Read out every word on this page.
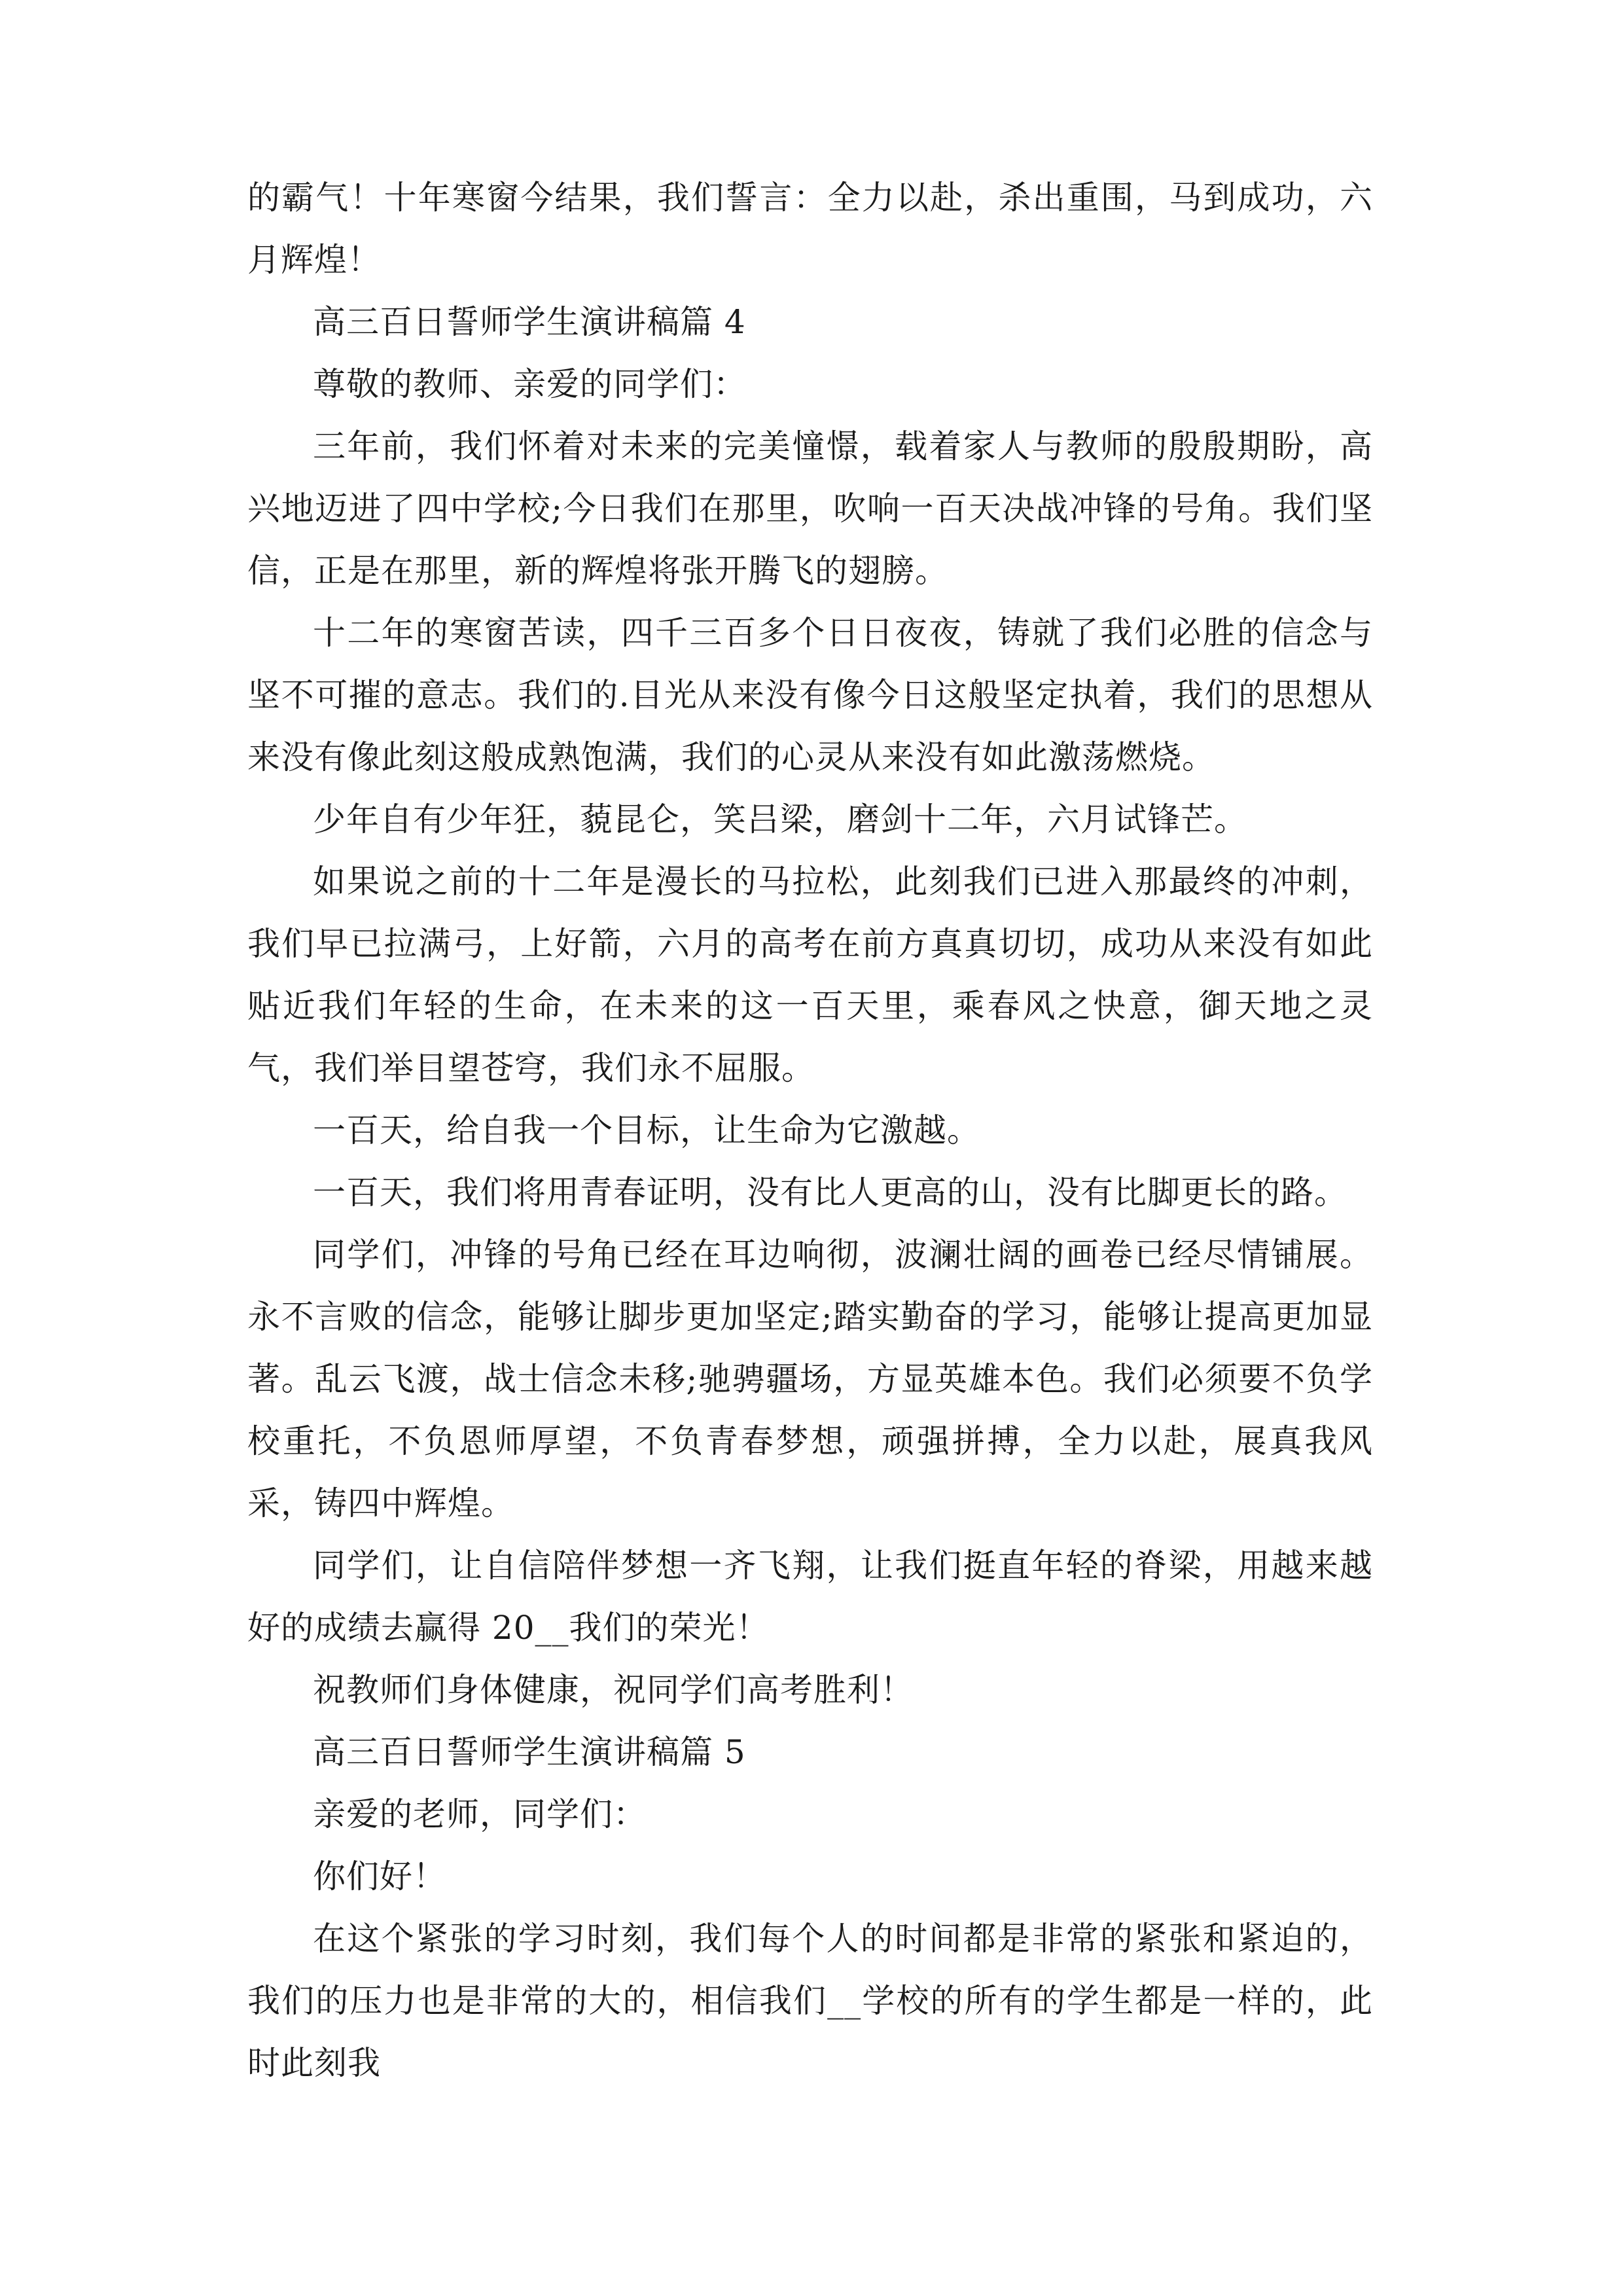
的霸气！十年寒窗今结果，我们誓言：全力以赴，杀出重围，马到成功，六月辉煌！

高三百日誓师学生演讲稿篇 4

尊敬的教师、亲爱的同学们：

三年前，我们怀着对未来的完美憧憬，载着家人与教师的殷殷期盼，高兴地迈进了四中学校;今日我们在那里，吹响一百天决战冲锋的号角。我们坚信，正是在那里，新的辉煌将张开腾飞的翅膀。

十二年的寒窗苦读，四千三百多个日日夜夜，铸就了我们必胜的信念与坚不可摧的意志。我们的.目光从来没有像今日这般坚定执着，我们的思想从来没有像此刻这般成熟饱满，我们的心灵从来没有如此激荡燃烧。

少年自有少年狂，藐昆仑，笑吕梁，磨剑十二年，六月试锋芒。

如果说之前的十二年是漫长的马拉松，此刻我们已进入那最终的冲刺，我们早已拉满弓，上好箭，六月的高考在前方真真切切，成功从来没有如此贴近我们年轻的生命，在未来的这一百天里，乘春风之快意，御天地之灵气，我们举目望苍穹，我们永不屈服。

一百天，给自我一个目标，让生命为它激越。

一百天，我们将用青春证明，没有比人更高的山，没有比脚更长的路。

同学们，冲锋的号角已经在耳边响彻，波澜壮阔的画卷已经尽情铺展。永不言败的信念，能够让脚步更加坚定;踏实勤奋的学习，能够让提高更加显著。乱云飞渡，战士信念未移;驰骋疆场，方显英雄本色。我们必须要不负学校重托，不负恩师厚望，不负青春梦想，顽强拼搏，全力以赴，展真我风采，铸四中辉煌。

同学们，让自信陪伴梦想一齐飞翔，让我们挺直年轻的脊梁，用越来越好的成绩去赢得 20__我们的荣光！

祝教师们身体健康，祝同学们高考胜利！

高三百日誓师学生演讲稿篇 5

亲爱的老师，同学们：

你们好！

在这个紧张的学习时刻，我们每个人的时间都是非常的紧张和紧迫的，我们的压力也是非常的大的，相信我们__学校的所有的学生都是一样的，此时此刻我
